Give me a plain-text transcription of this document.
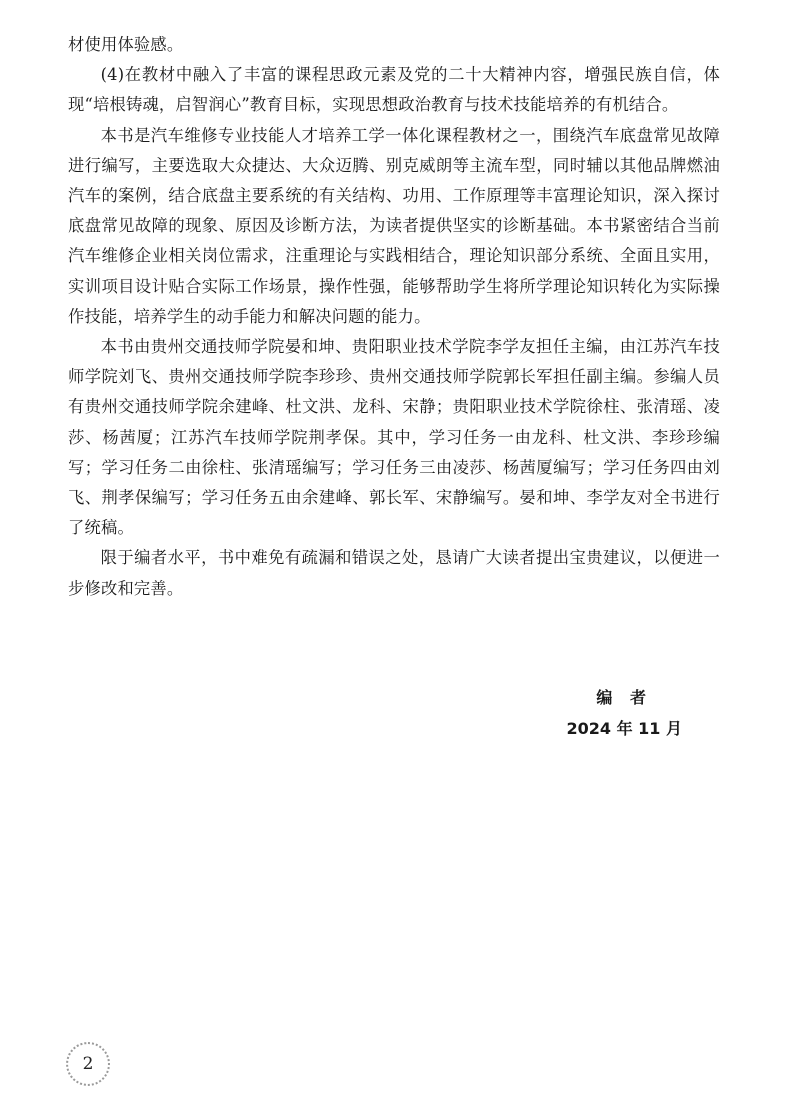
材使用体验感。

(4)在教材中融入了丰富的课程思政元素及党的二十大精神内容，增强民族自信，体现“培根铸魂，启智润心”教育目标，实现思想政治教育与技术技能培养的有机结合。

本书是汽车维修专业技能人才培养工学一体化课程教材之一，围绕汽车底盘常见故障进行编写，主要选取大众捷达、大众迈腾、别克威朗等主流车型，同时辅以其他品牌燃油汽车的案例，结合底盘主要系统的有关结构、功用、工作原理等丰富理论知识，深入探讨底盘常见故障的现象、原因及诊断方法，为读者提供坚实的诊断基础。本书紧密结合当前汽车维修企业相关岗位需求，注重理论与实践相结合，理论知识部分系统、全面且实用，实训项目设计贴合实际工作场景，操作性强，能够帮助学生将所学理论知识转化为实际操作技能，培养学生的动手能力和解决问题的能力。

本书由贵州交通技师学院晏和坤、贵阳职业技术学院李学友担任主编，由江苏汽车技师学院刘飞、贵州交通技师学院李珍珍、贵州交通技师学院郭长军担任副主编。参编人员有贵州交通技师学院余建峰、杜文洪、龙科、宋静；贵阳职业技术学院徐柱、张清瑶、凌莎、杨茜厦；江苏汽车技师学院荆孝保。其中，学习任务一由龙科、杜文洪、李珍珍编写；学习任务二由徐柱、张清瑶编写；学习任务三由凌莎、杨茜厦编写；学习任务四由刘飞、荆孝保编写；学习任务五由余建峰、郭长军、宋静编写。晏和坤、李学友对全书进行了统稿。

限于编者水平，书中难免有疏漏和错误之处，恳请广大读者提出宝贵建议，以便进一步修改和完善。

编 者
2024 年 11 月
2
